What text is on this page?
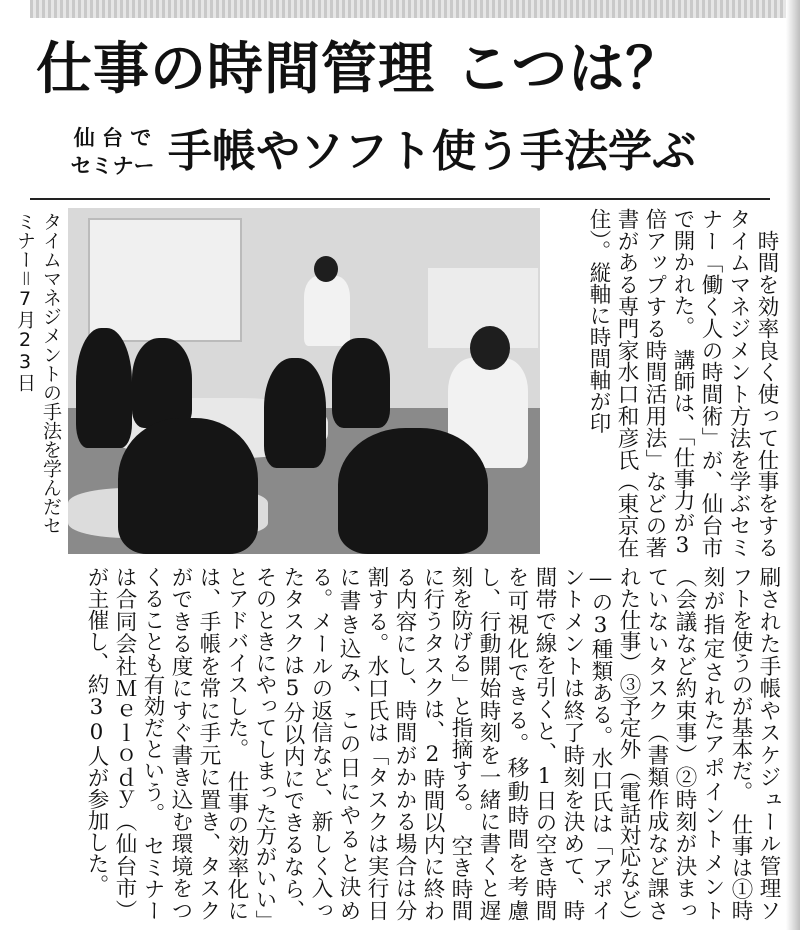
仕事の時間管理 こつは？
仙 台 で
セミナー 手帳やソフト使う手法学ぶ
タイムマネジメントの手法を学んだセミナー＝7月23日	　時間を効率良く使って仕事をするタイムマネジメント方法を学ぶセミナー「働く人の時間術」が、仙台市で開かれた。　講師は、「仕事力が3倍アップする時間活用法」などの著書がある専門家水口和彦氏（東京在住）。縦軸に時間軸が印
刷された手帳やスケジュール管理ソフトを使うのが基本だ。　仕事は①時刻が指定されたアポイントメント（会議など約束事）②時刻が決まっていないタスク（書類作成など課された仕事）③予定外（電話対応など）―の3種類ある。水口氏は「アポイントメントは終了時刻を決めて、時間帯で線を引くと、1日の空き時間を可視化できる。移動時間を考慮し、行動開始時刻を一緒に書くと遅刻を防げる」と指摘する。　空き時間に行うタスクは、2時間以内に終わる内容にし、時間がかかる場合は分割する。水口氏は「タスクは実行日に書き込み、この日にやると決める。メールの返信など、新しく入ったタスクは5分以内にできるなら、そのときにやってしまった方がいい」とアドバイスした。　仕事の効率化には、手帳を常に手元に置き、タスクができる度にすぐ書き込む環境をつくることも有効だという。　セミナーは合同会社Ｍｅｌｏｄｙ（仙台市）が主催し、約30人が参加した。
